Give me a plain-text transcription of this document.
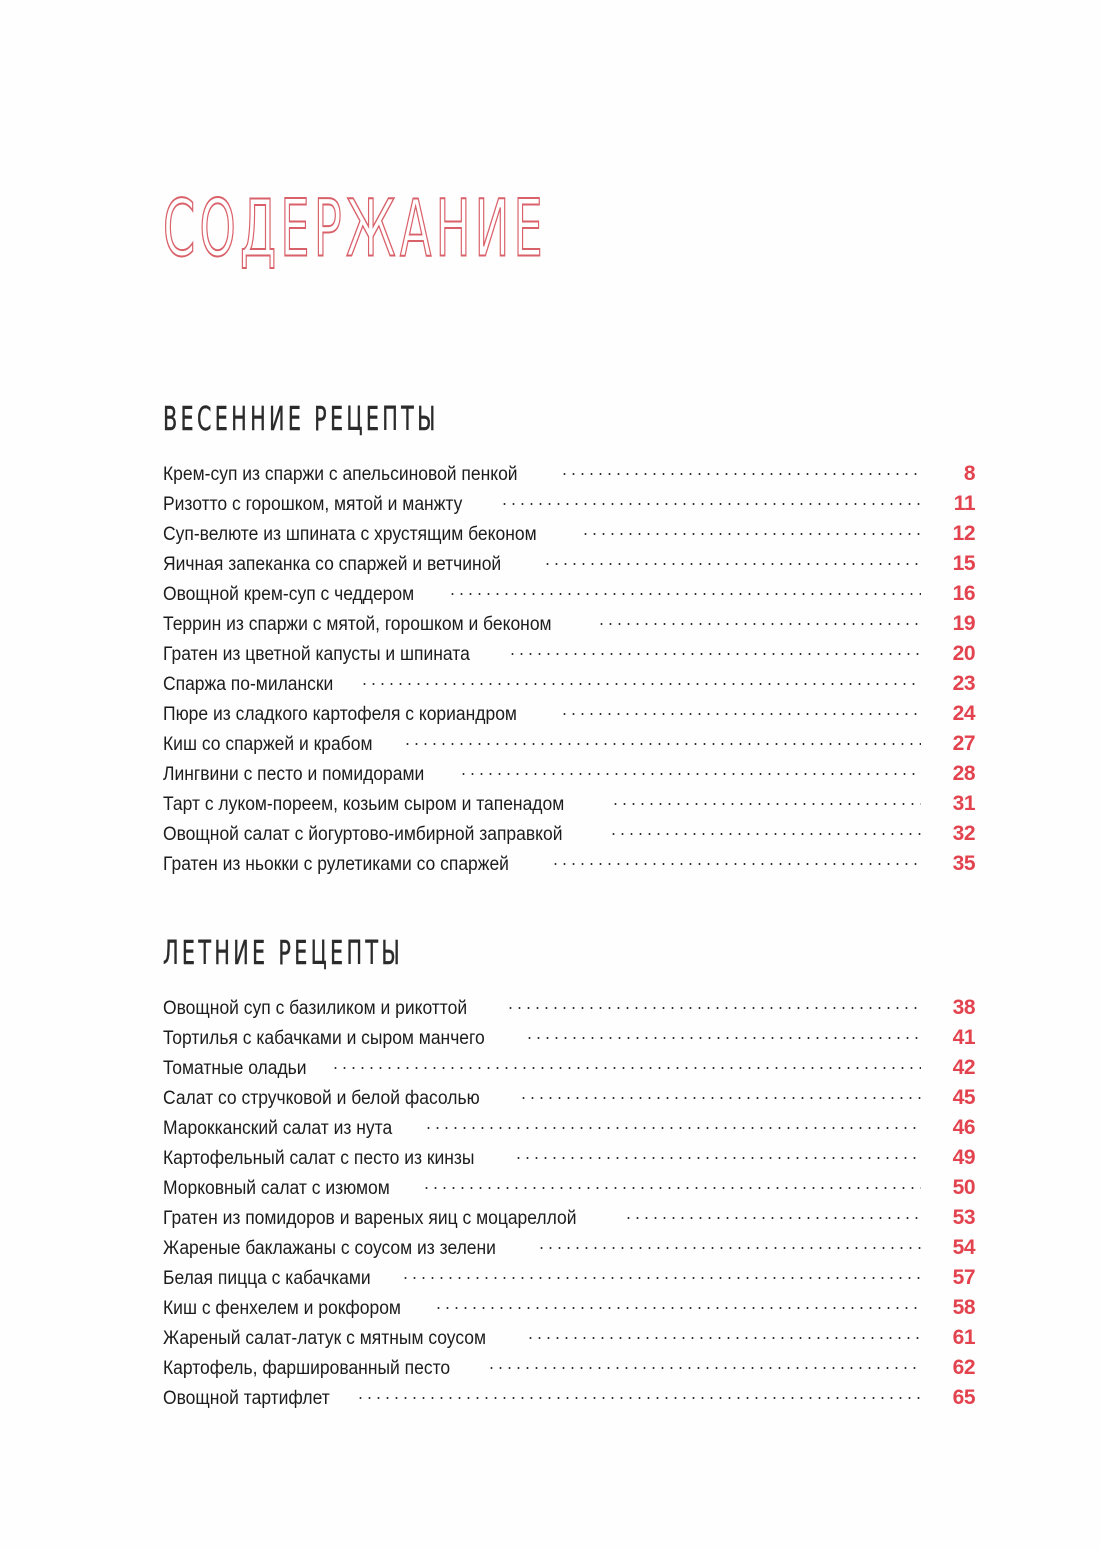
СОДЕРЖАНИЕ
ВЕСЕННИЕ РЕЦЕПТЫ
Крем-суп из спаржи с апельсиновой пенкой	8
Ризотто с горошком, мятой и манжту	11
Суп-велюте из шпината с хрустящим беконом	12
Яичная запеканка со спаржей и ветчиной	15
Овощной крем-суп с чеддером	16
Террин из спаржи с мятой, горошком и беконом	19
Гратен из цветной капусты и шпината	20
Спаржа по-милански	23
Пюре из сладкого картофеля с кориандром	24
Киш со спаржей и крабом	27
Лингвини с песто и помидорами	28
Тарт с луком-пореем, козьим сыром и тапенадом	31
Овощной салат с йогуртово-имбирной заправкой	32
Гратен из ньокки с рулетиками со спаржей	35
ЛЕТНИЕ РЕЦЕПТЫ
Овощной суп с базиликом и рикоттой	38
Тортилья с кабачками и сыром манчего	41
Томатные оладьи	42
Салат со стручковой и белой фасолью	45
Марокканский салат из нута	46
Картофельный салат с песто из кинзы	49
Морковный салат с изюмом	50
Гратен из помидоров и вареных яиц с моцареллой	53
Жареные баклажаны с соусом из зелени	54
Белая пицца с кабачками	57
Киш с фенхелем и рокфором	58
Жареный салат-латук с мятным соусом	61
Картофель, фаршированный песто	62
Овощной тартифлет	65
